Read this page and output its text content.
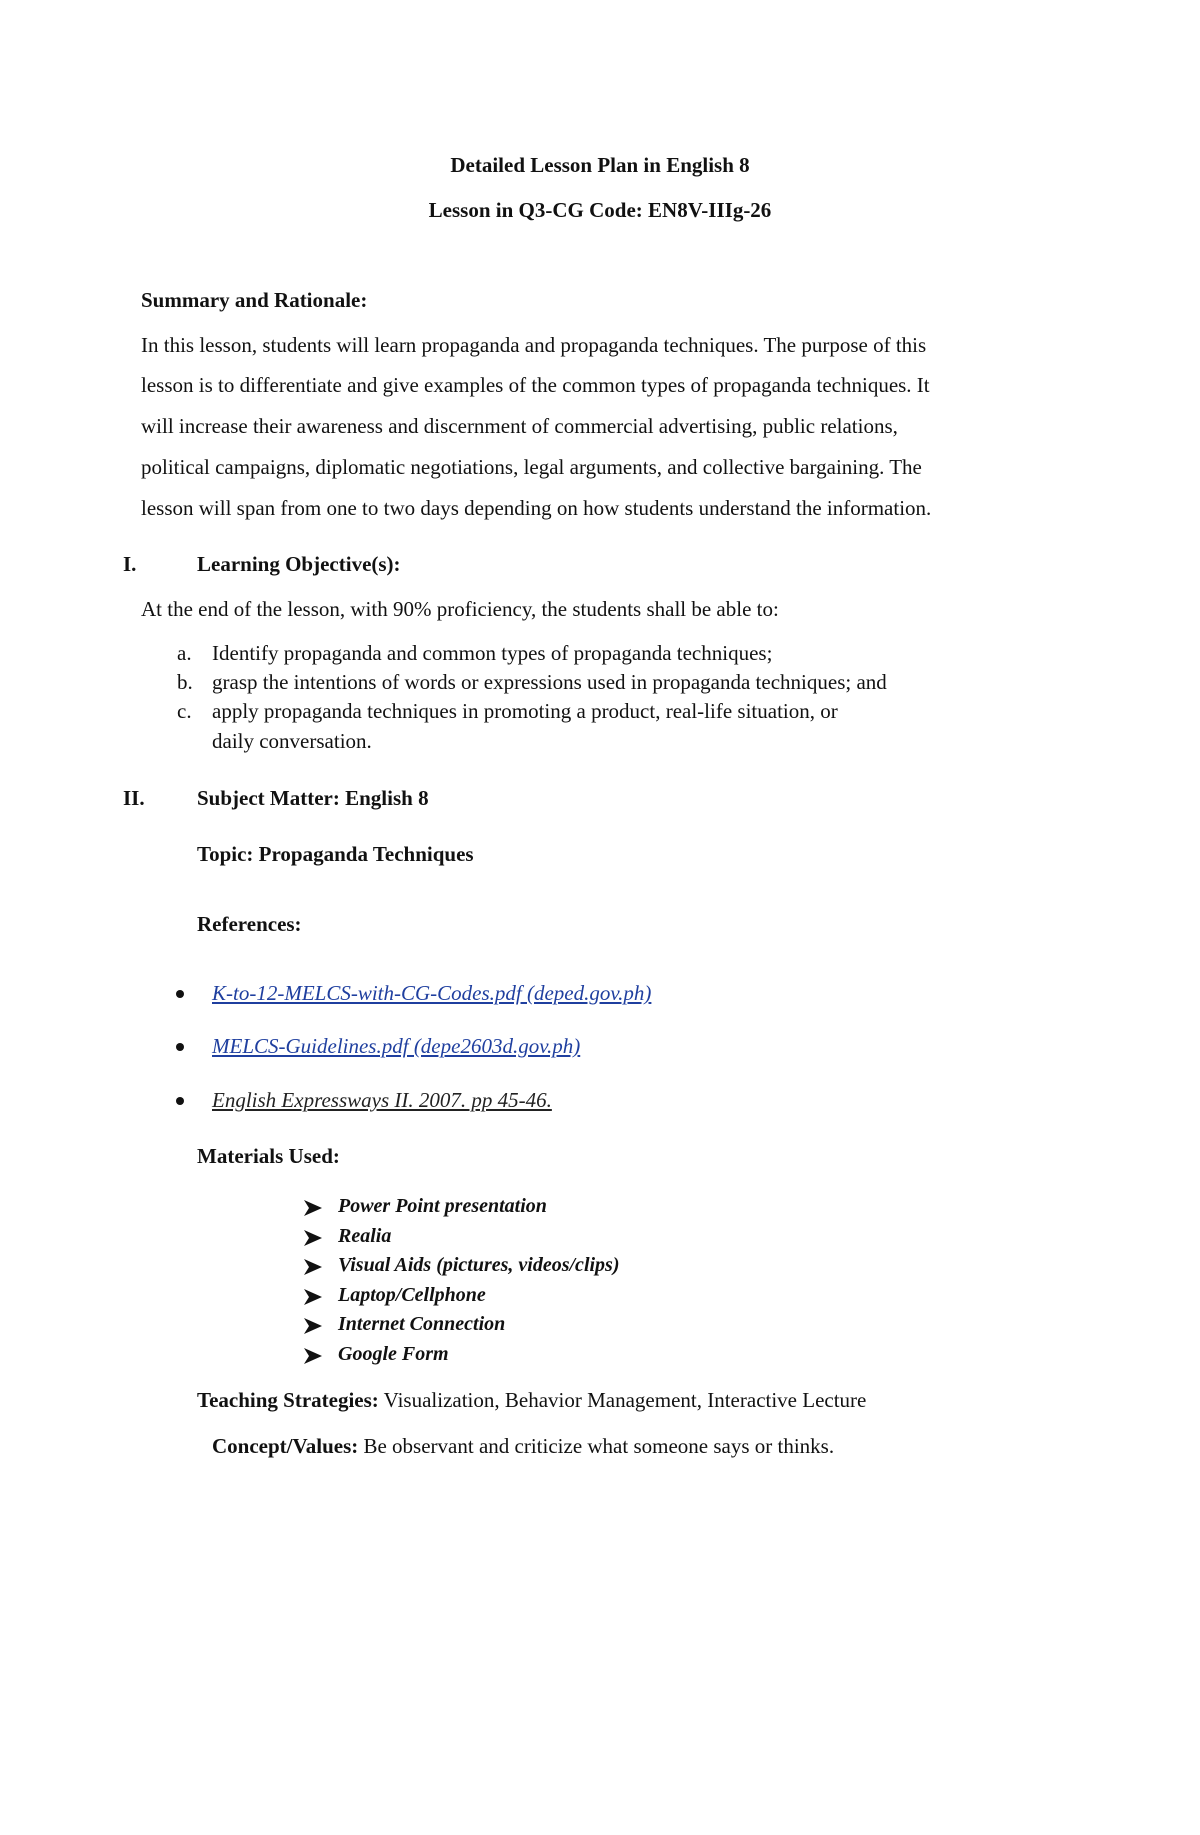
Detailed Lesson Plan in English 8
Lesson in Q3-CG Code: EN8V-IIIg-26
Summary and Rationale:
In this lesson, students will learn propaganda and propaganda techniques. The purpose of this
lesson is to differentiate and give examples of the common types of propaganda techniques. It
will increase their awareness and discernment of commercial advertising, public relations,
political campaigns, diplomatic negotiations, legal arguments, and collective bargaining. The
lesson will span from one to two days depending on how students understand the information.
I.	Learning Objective(s):
At the end of the lesson, with 90% proficiency, the students shall be able to:
a. Identify propaganda and common types of propaganda techniques;
b. grasp the intentions of words or expressions used in propaganda techniques; and
c. apply propaganda techniques in promoting a product, real-life situation, or
daily conversation.
II. Subject Matter: English 8
Topic: Propaganda Techniques
References:
K-to-12-MELCS-with-CG-Codes.pdf (deped.gov.ph)
MELCS-Guidelines.pdf (depe2603d.gov.ph)
English Expressways II. 2007. pp 45-46.
Materials Used:
Power Point presentation
Realia
Visual Aids (pictures, videos/clips)
Laptop/Cellphone
Internet Connection
Google Form
Teaching Strategies: Visualization, Behavior Management, Interactive Lecture
Concept/Values: Be observant and criticize what someone says or thinks.
